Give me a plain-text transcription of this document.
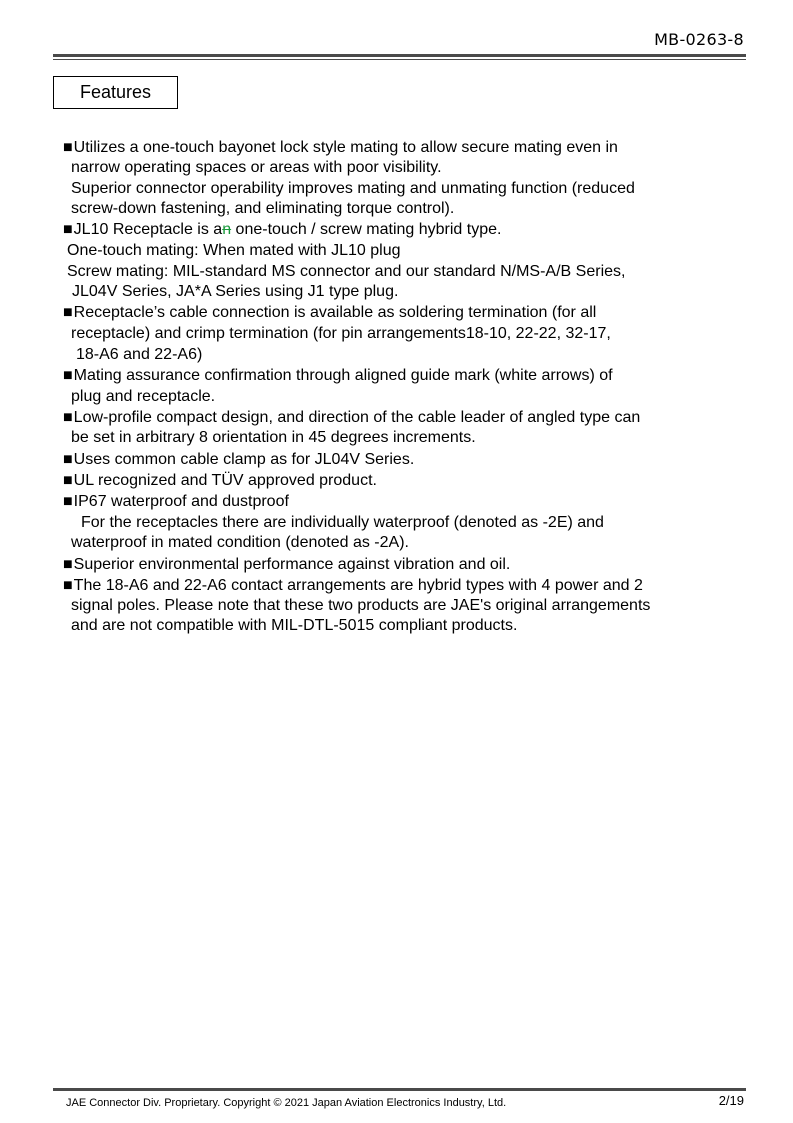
MB-0263-8
Features
■Utilizes a one-touch bayonet lock style mating to allow secure mating even in
narrow operating spaces or areas with poor visibility.
Superior connector operability improves mating and unmating function (reduced
screw-down fastening, and eliminating torque control).
■JL10 Receptacle is an one-touch / screw mating hybrid type.
One-touch mating: When mated with JL10 plug
Screw mating: MIL-standard MS connector and our standard N/MS-A/B Series,
JL04V Series, JA*A Series using J1 type plug.
■Receptacle’s cable connection is available as soldering termination (for all
receptacle) and crimp termination (for pin arrangements18-10, 22-22, 32-17,
18-A6 and 22-A6)
■Mating assurance confirmation through aligned guide mark (white arrows) of
plug and receptacle.
■Low-profile compact design, and direction of the cable leader of angled type can
be set in arbitrary 8 orientation in 45 degrees increments.
■Uses common cable clamp as for JL04V Series.
■UL recognized and TÜV approved product.
■IP67 waterproof and dustproof
For the receptacles there are individually waterproof (denoted as -2E) and
waterproof in mated condition (denoted as -2A).
■Superior environmental performance against vibration and oil.
■The 18-A6 and 22-A6 contact arrangements are hybrid types with 4 power and 2
signal poles. Please note that these two products are JAE's original arrangements
and are not compatible with MIL-DTL-5015 compliant products.
JAE Connector Div. Proprietary. Copyright © 2021 Japan Aviation Electronics Industry, Ltd.	2/19
